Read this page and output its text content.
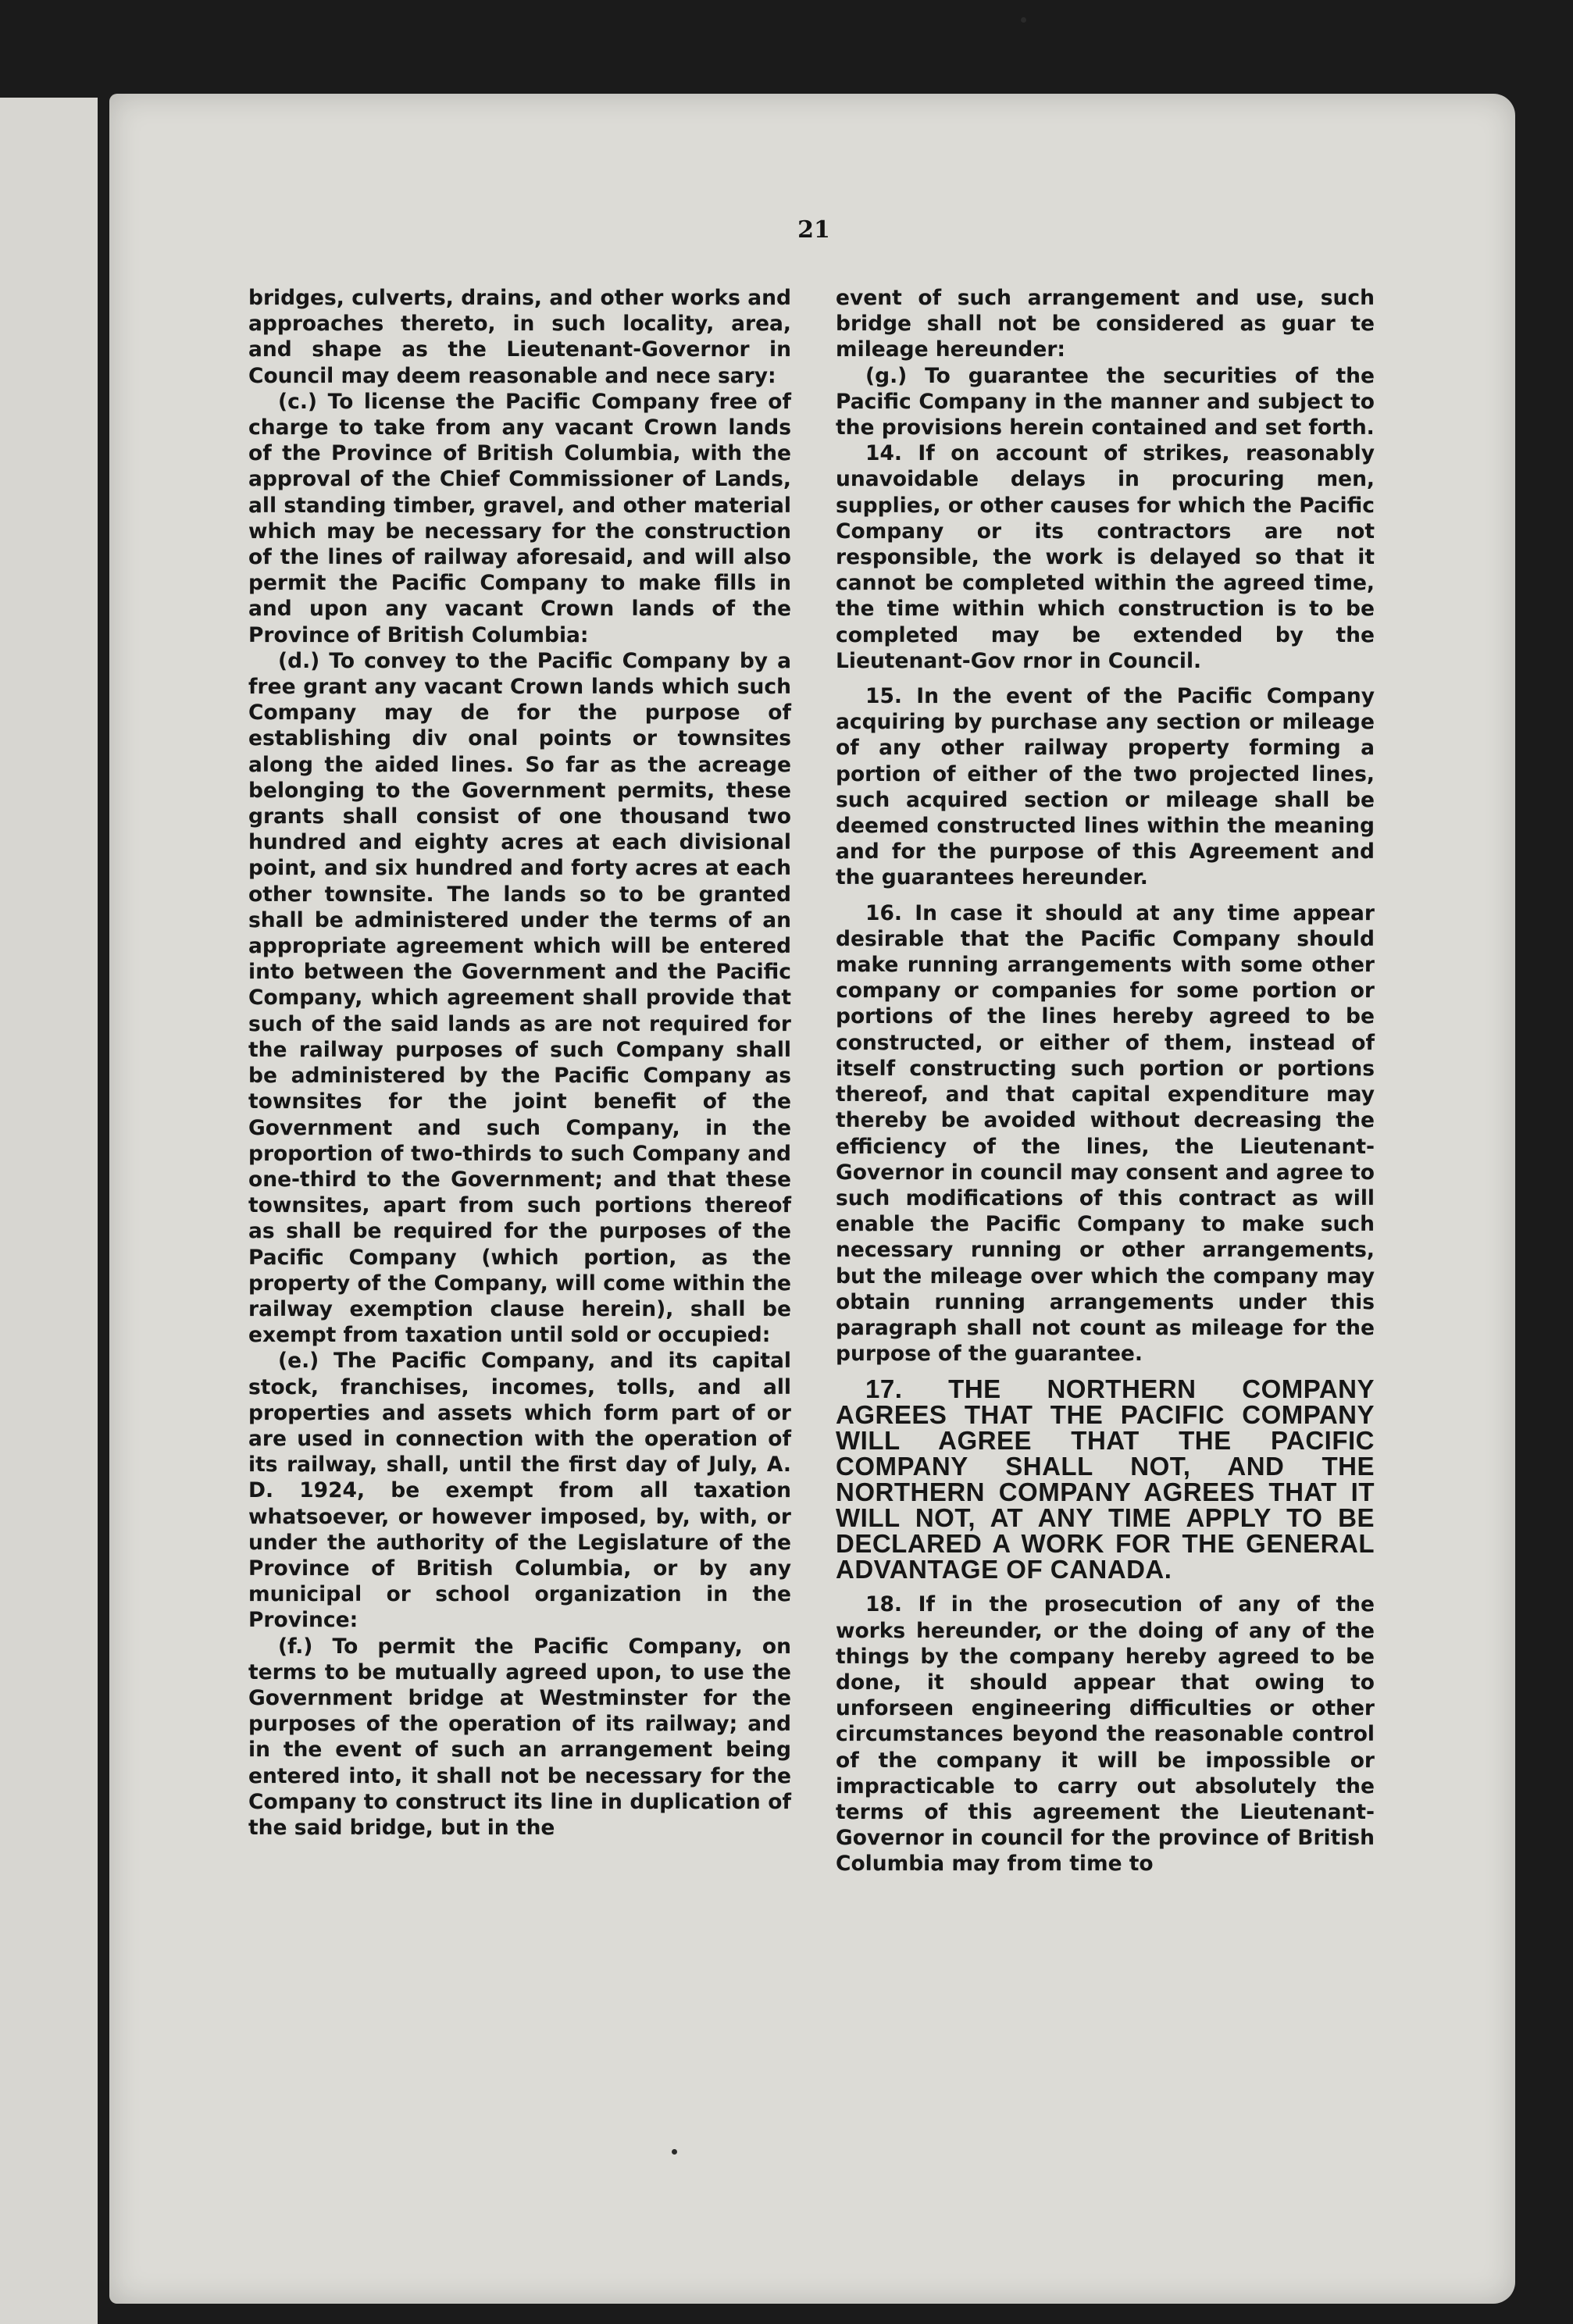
21

bridges, culverts, drains, and other works and approaches thereto, in such locality, area, and shape as the Lieutenant-Governor in Council may deem reasonable and nece sary:

(c.) To license the Pacific Company free of charge to take from any vacant Crown lands of the Province of British Columbia, with the approval of the Chief Commissioner of Lands, all standing timber, gravel, and other material which may be necessary for the construction of the lines of railway aforesaid, and will also permit the Pacific Company to make fills in and upon any vacant Crown lands of the Province of British Columbia:

(d.) To convey to the Pacific Company by a free grant any vacant Crown lands which such Company may de for the purpose of establishing div onal points or townsites along the aided lines. So far as the acreage belonging to the Government permits, these grants shall consist of one thousand two hundred and eighty acres at each divisional point, and six hundred and forty acres at each other townsite. The lands so to be granted shall be administered under the terms of an appropriate agreement which will be entered into between the Government and the Pacific Company, which agreement shall provide that such of the said lands as are not required for the railway purposes of such Company shall be administered by the Pacific Company as townsites for the joint benefit of the Government and such Company, in the proportion of two-thirds to such Company and one-third to the Government; and that these townsites, apart from such portions thereof as shall be required for the purposes of the Pacific Company (which portion, as the property of the Company, will come within the railway exemption clause herein), shall be exempt from taxation until sold or occupied:

(e.) The Pacific Company, and its capital stock, franchises, incomes, tolls, and all properties and assets which form part of or are used in connection with the operation of its railway, shall, until the first day of July, A. D. 1924, be exempt from all taxation whatsoever, or however imposed, by, with, or under the authority of the Legislature of the Province of British Columbia, or by any municipal or school organization in the Province:

(f.) To permit the Pacific Company, on terms to be mutually agreed upon, to use the Government bridge at Westminster for the purposes of the operation of its railway; and in the event of such an arrangement being entered into, it shall not be necessary for the Company to construct its line in duplication of the said bridge, but in the

event of such arrangement and use, such bridge shall not be considered as guar te mileage hereunder:

(g.) To guarantee the securities of the Pacific Company in the manner and subject to the provisions herein contained and set forth.

14. If on account of strikes, reasonably unavoidable delays in procuring men, supplies, or other causes for which the Pacific Company or its contractors are not responsible, the work is delayed so that it cannot be completed within the agreed time, the time within which construction is to be completed may be extended by the Lieutenant-Gov rnor in Council.

15. In the event of the Pacific Company acquiring by purchase any section or mileage of any other railway property forming a portion of either of the two projected lines, such acquired section or mileage shall be deemed constructed lines within the meaning and for the purpose of this Agreement and the guarantees hereunder.

16. In case it should at any time appear desirable that the Pacific Company should make running arrangements with some other company or companies for some portion or portions of the lines hereby agreed to be constructed, or either of them, instead of itself constructing such portion or portions thereof, and that capital expenditure may thereby be avoided without decreasing the efficiency of the lines, the Lieutenant-Governor in council may consent and agree to such modifications of this contract as will enable the Pacific Company to make such necessary running or other arrangements, but the mileage over which the company may obtain running arrangements under this paragraph shall not count as mileage for the purpose of the guarantee.

17. THE NORTHERN COMPANY AGREES THAT THE PACIFIC COMPANY WILL AGREE THAT THE PACIFIC COMPANY SHALL NOT, AND THE NORTHERN COMPANY AGREES THAT IT WILL NOT, AT ANY TIME APPLY TO BE DECLARED A WORK FOR THE GENERAL ADVANTAGE OF CANADA.

18. If in the prosecution of any of the works hereunder, or the doing of any of the things by the company hereby agreed to be done, it should appear that owing to unforseen engineering difficulties or other circumstances beyond the reasonable control of the company it will be impossible or impracticable to carry out absolutely the terms of this agreement the Lieutenant-Governor in council for the province of British Columbia may from time to
